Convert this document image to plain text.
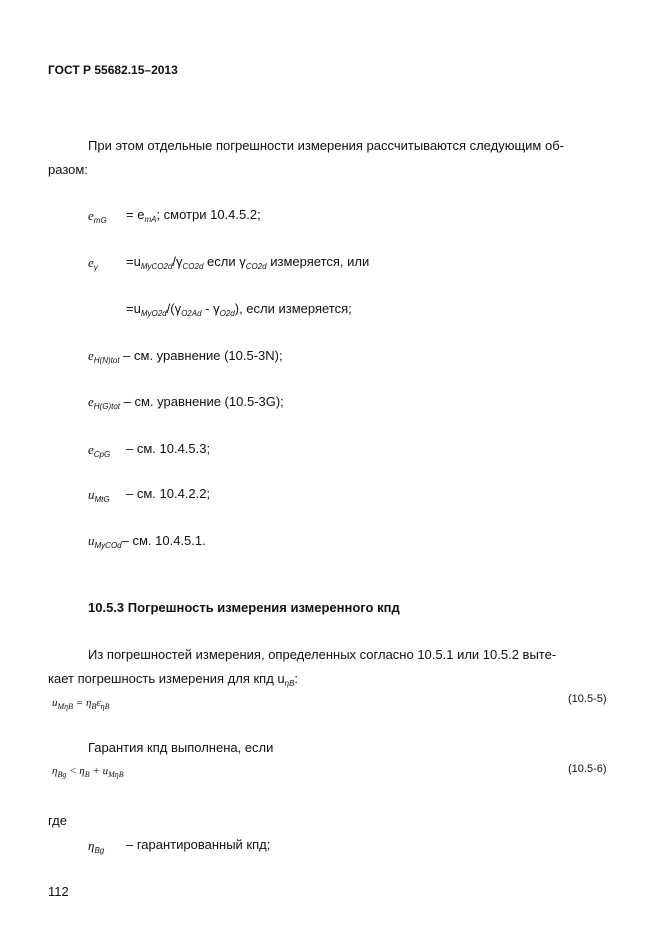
ГОСТ Р 55682.15–2013
При этом отдельные погрешности измерения рассчитываются следующим об-
разом:
emG = $e_{mA}$; смотри 10.4.5.2;
$e\gamma =u_{MyCO2d}/\gamma_{CO2d}$ если $\gamma_{CO2d}$ измеряется, или
$=u_{MyO2d}/(\gamma_{O2Ad} - \gamma_{O2d})$, если измеряется;
$e_{H(N)tot}$ – см. уравнение (10.5-3N);
$e_{H(G)tot}$ – см. уравнение (10.5-3G);
eCpG – см. 10.4.5.3;
uMtG – см. 10.4.2.2;
$u_{MyCOd}-$ см. 10.4.5.1.
10.5.3 Погрешность измерения измеренного кпд
Из погрешностей измерения, определенных согласно 10.5.1 или 10.5.2 выте-
кает погрешность измерения для кпд $u_{\eta B}$:
$u_{M\eta B} = \eta_B\varepsilon_{\eta B}$
(10.5-5)
Гарантия кпд выполнена, если
$\eta_{Bg} < \eta_B + u_{M\eta B}$	(10.5-6)
где
ηBg – гарантированный кпд;
112
